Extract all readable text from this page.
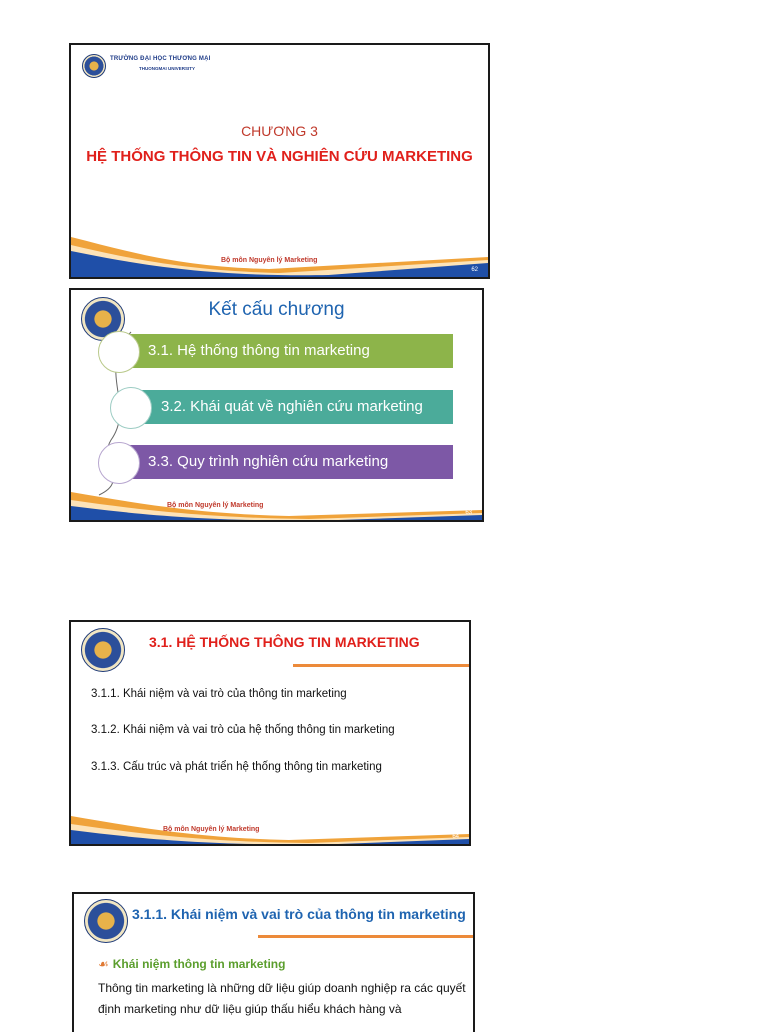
TRƯỜNG ĐẠI HỌC THƯƠNG MẠI
THUONGMAI UNIVERSITY
CHƯƠNG 3
HỆ THỐNG THÔNG TIN VÀ NGHIÊN CỨU MARKETING
Bộ môn Nguyên lý Marketing
62
Kết cấu chương
3.1. Hệ thống thông tin marketing
3.2. Khái quát về nghiên cứu marketing
3.3. Quy trình nghiên cứu marketing
Bộ môn Nguyên lý Marketing
63
3.1. HỆ THỐNG THÔNG TIN MARKETING
3.1.1. Khái niệm và vai trò của thông tin marketing
3.1.2. Khái niệm và vai trò của hệ thống thông tin marketing
3.1.3. Cấu trúc và phát triển hệ thống thông tin marketing
Bộ môn Nguyên lý Marketing
64
3.1.1. Khái niệm và vai trò của thông tin marketing
☙ Khái niệm thông tin marketing
Thông tin marketing là những dữ liệu giúp doanh nghiệp ra các quyết định marketing như dữ liệu giúp thấu hiểu khách hàng và
